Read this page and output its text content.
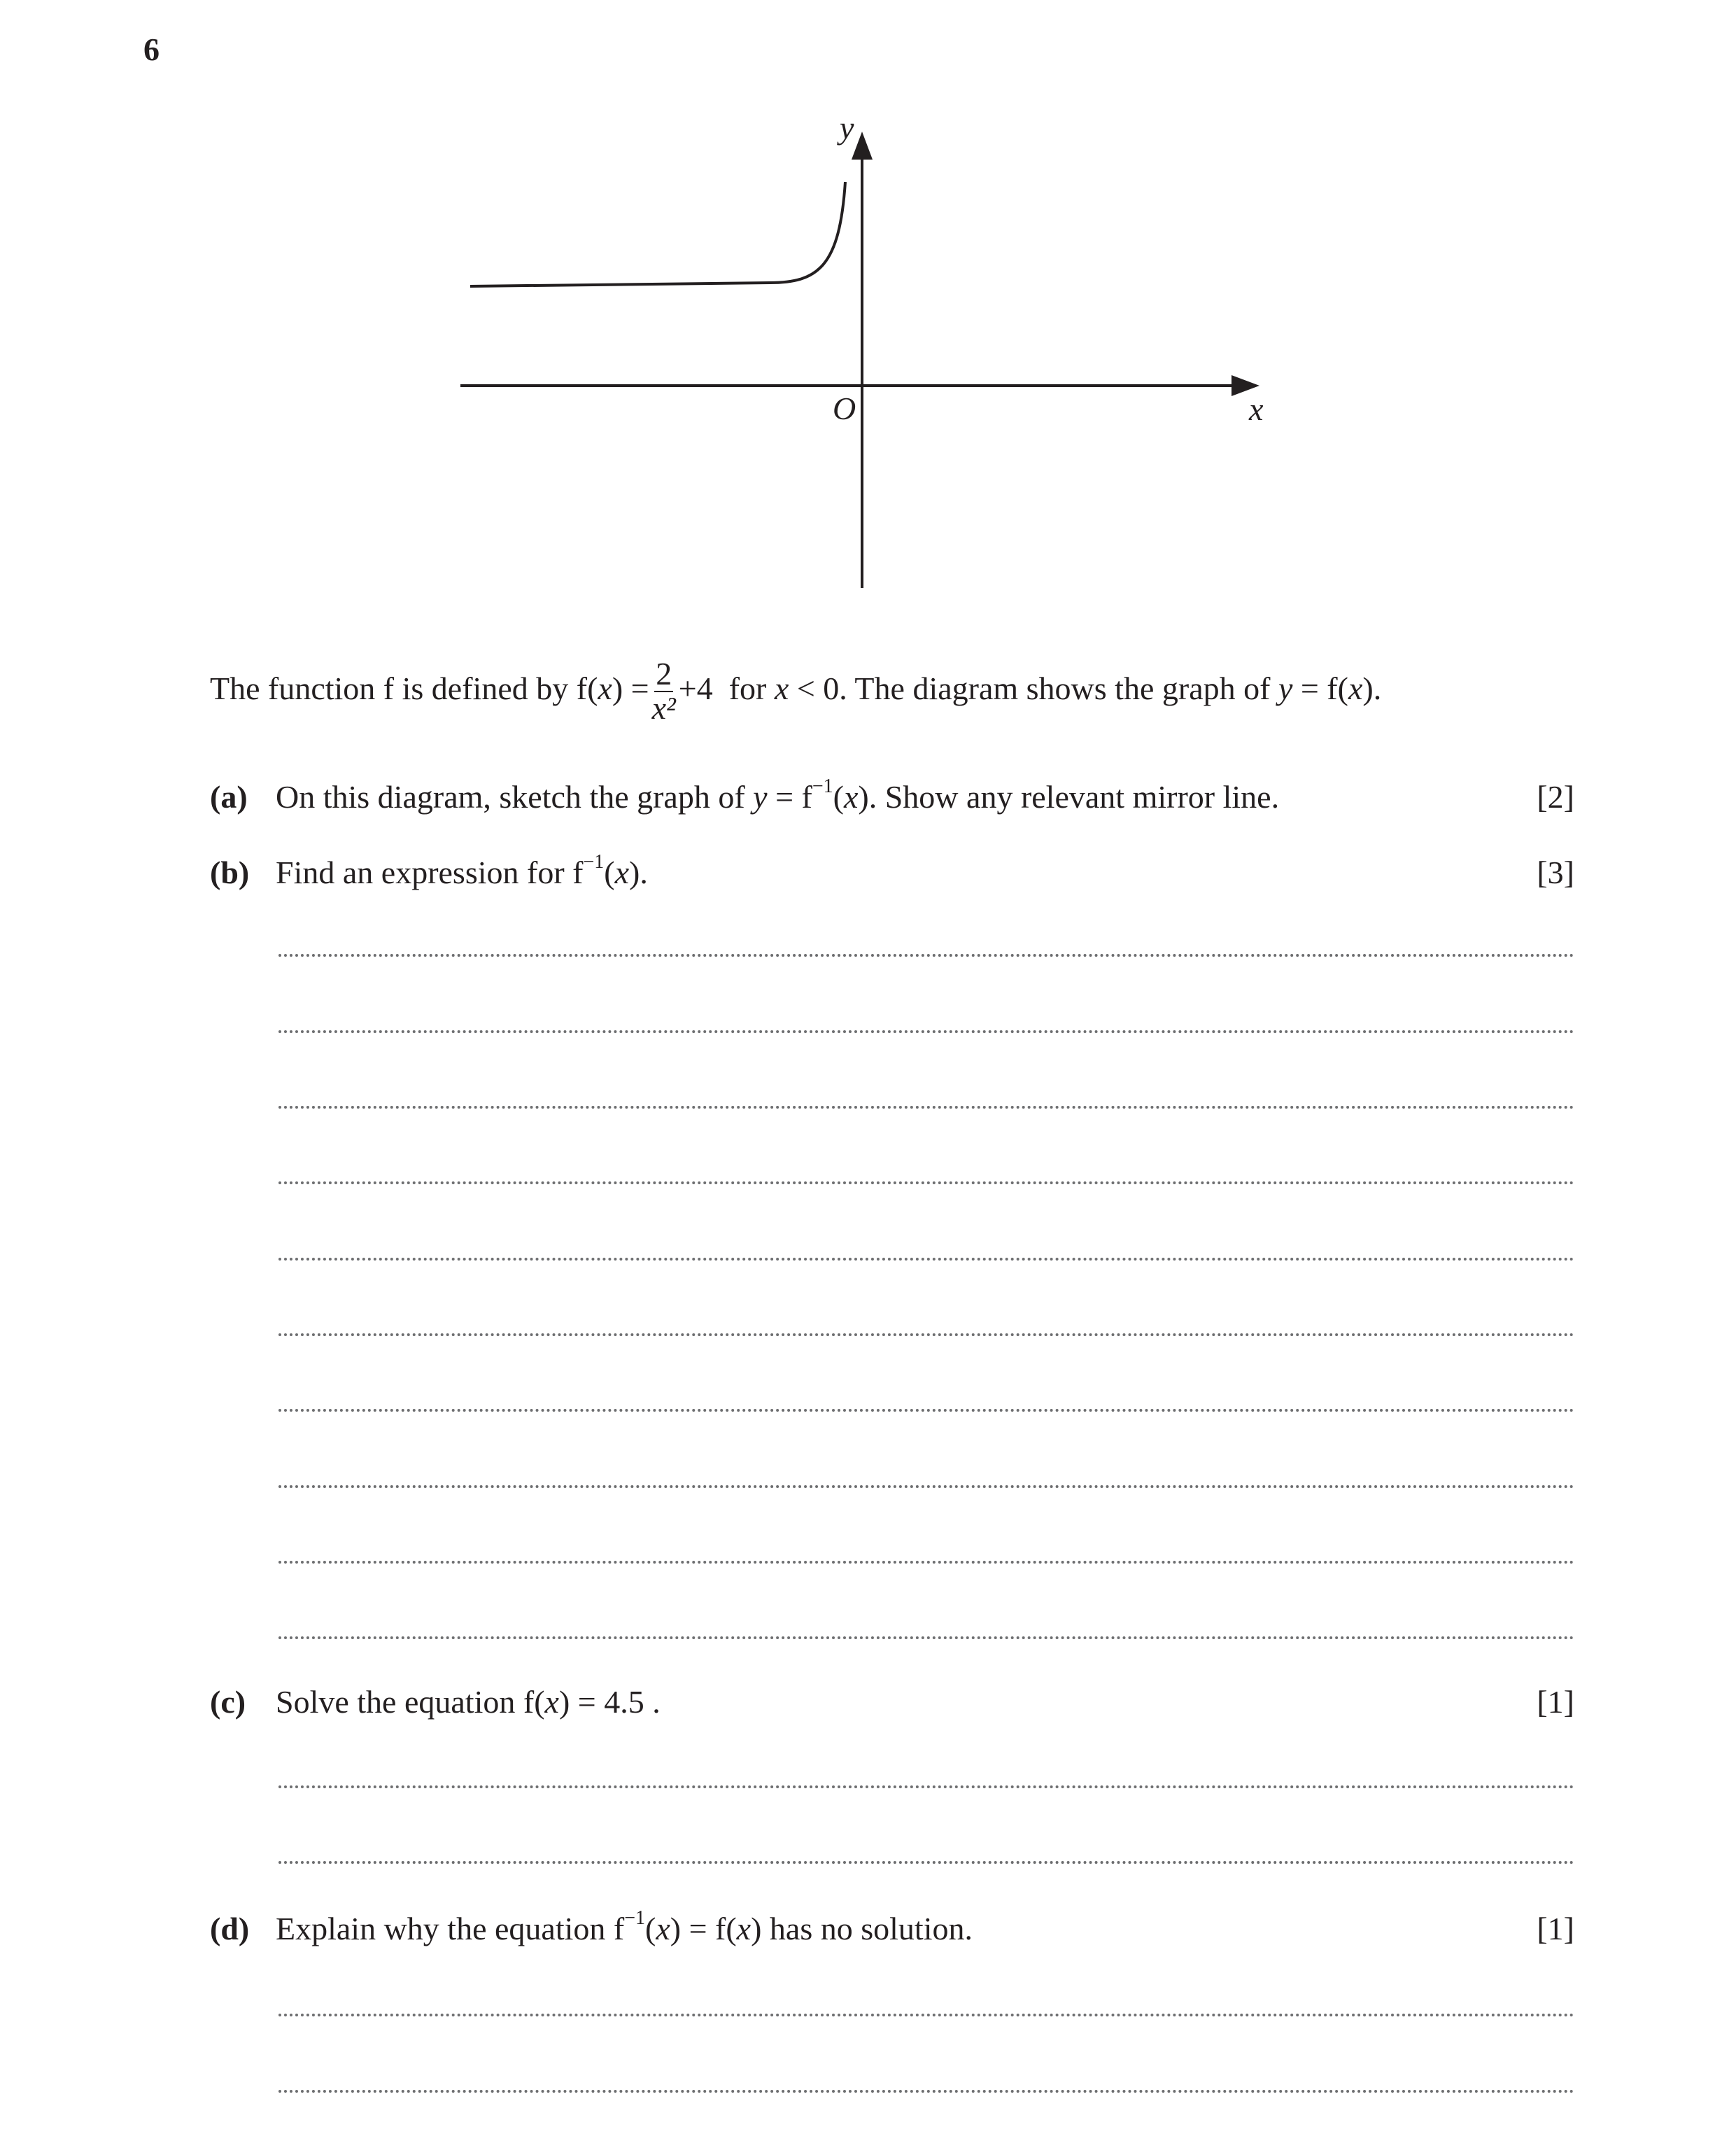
6
y
x
O
The function f is defined by f( x ) = $\frac{2}{\text{x²}} +4$  for x < 0. The diagram shows the graph of y = f( x ).
(a) On this diagram, sketch the graph of $y = f^{-1}(x)$. Show any relevant mirror line.	[2]
(b) Find an expression for $f^{-1}(x)$.	[3]
(c) Solve the equation f(x) = 4.5 .	[1]
(d) Explain why the equation $f^{-1}(x) = f(x)$ has no solution.	[1]
